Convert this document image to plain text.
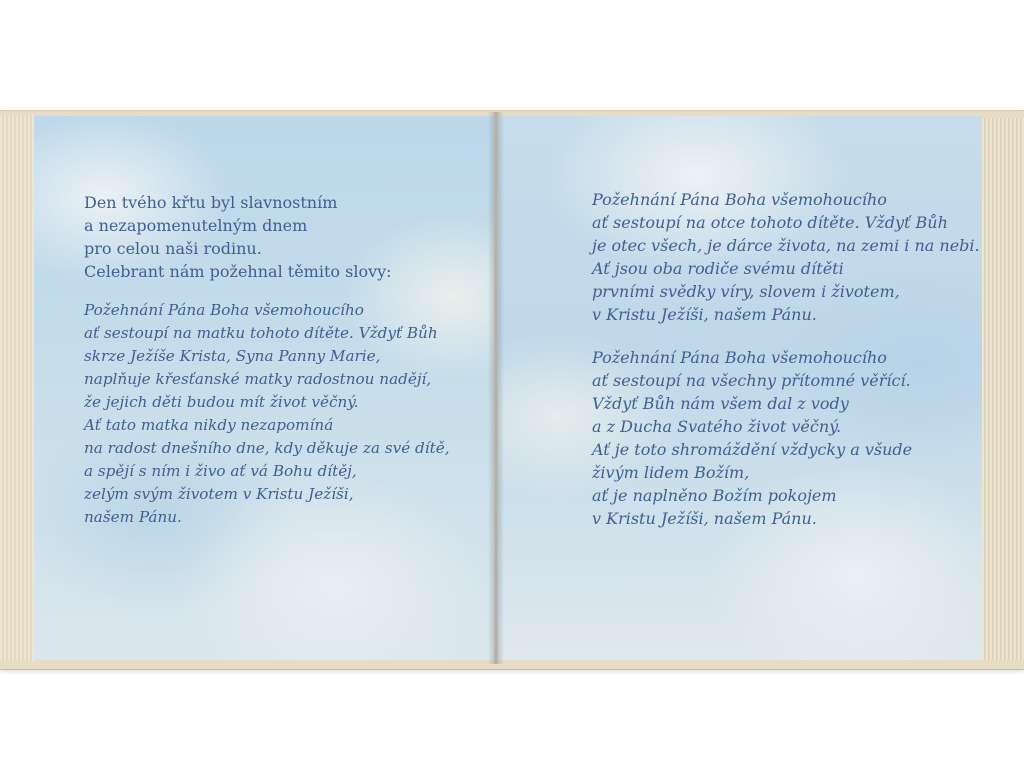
Den tvého křtu byl slavnostním
a nezapomenutelným dnem
pro celou naši rodinu.
Celebrant nám požehnal těmito slovy:
Požehnání Pána Boha všemohoucího
ať sestoupí na matku tohoto dítěte. Vždyť Bůh
skrze Ježíše Krista, Syna Panny Marie,
naplňuje křesťanské matky radostnou nadějí,
že jejich děti budou mít život věčný.
Ať tato matka nikdy nezapomíná
na radost dnešního dne, kdy děkuje za své dítě,
a spějí s ním i živo ať vá Bohu dítěj,
zelým svým životem v Kristu Ježíši,
našem Pánu.
Požehnání Pána Boha všemohoucího
ať sestoupí na otce tohoto dítěte. Vždyť Bůh
je otec všech, je dárce života, na zemi i na nebi.
Ať jsou oba rodiče svému dítěti
prvními svědky víry, slovem i životem,
v Kristu Ježíši, našem Pánu.
Požehnání Pána Boha všemohoucího
ať sestoupí na všechny přítomné věřící.
Vždyť Bůh nám všem dal z vody
a z Ducha Svatého život věčný.
Ať je toto shromáždění vždycky a všude
živým lidem Božím,
ať je naplněno Božím pokojem
v Kristu Ježíši, našem Pánu.
